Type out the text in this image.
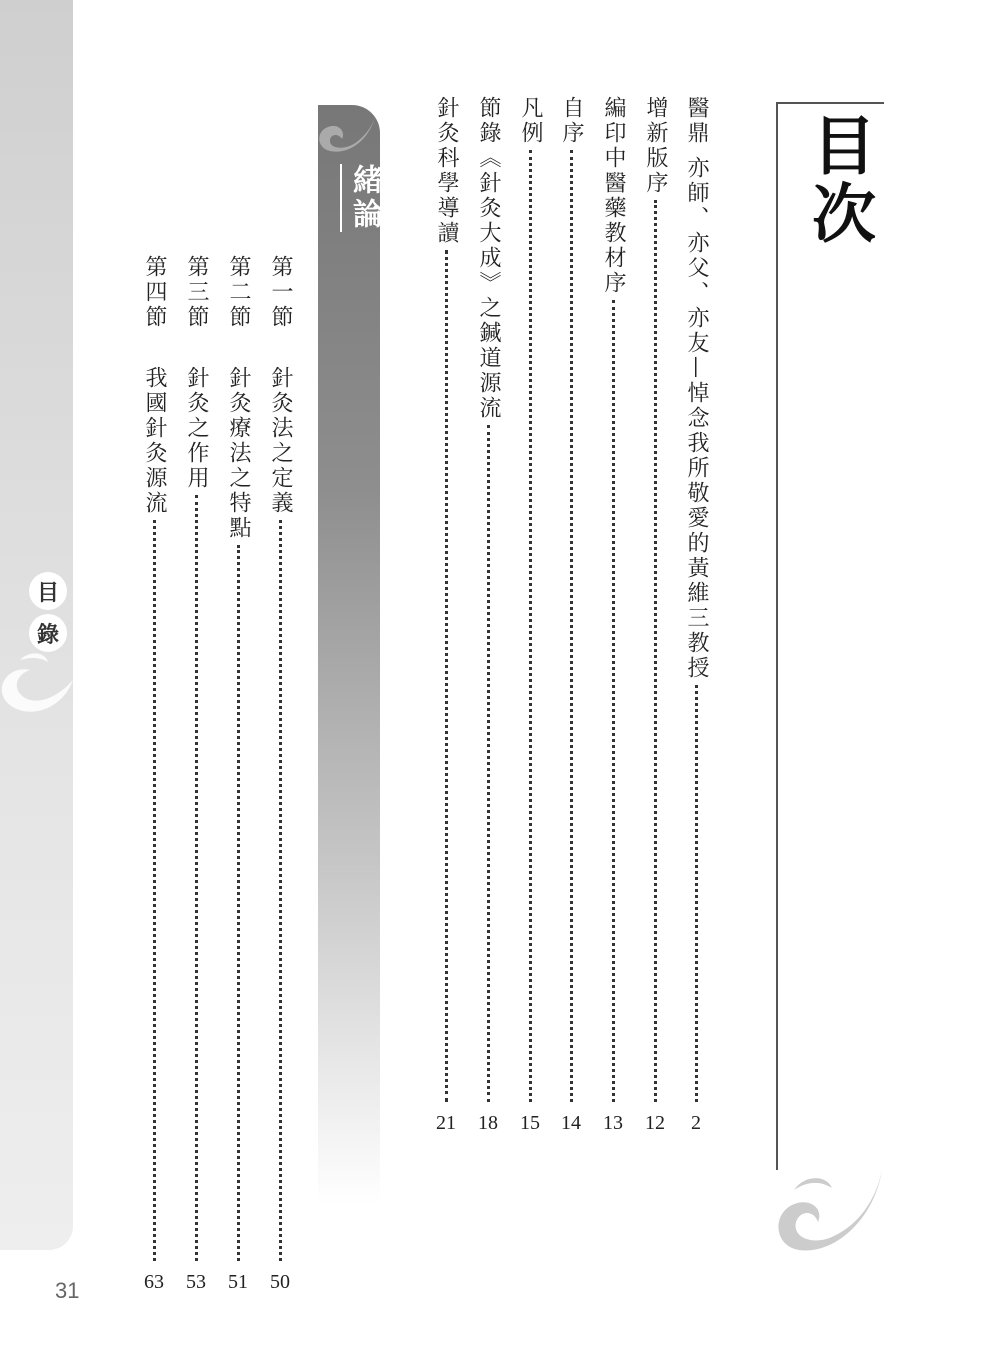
目
錄
31
目次
醫鼎 亦師、亦父、亦友—悼念我所敬愛的黃維三教授
2
增新版序
12
編印中醫藥教材序
13
自序
14
凡例
15
節錄《針灸大成》之鍼道源流
18
針灸科學導讀
21
緒論
第一節
針灸法之定義
50
第二節
針灸療法之特點
51
第三節
針灸之作用
53
第四節
我國針灸源流
63
